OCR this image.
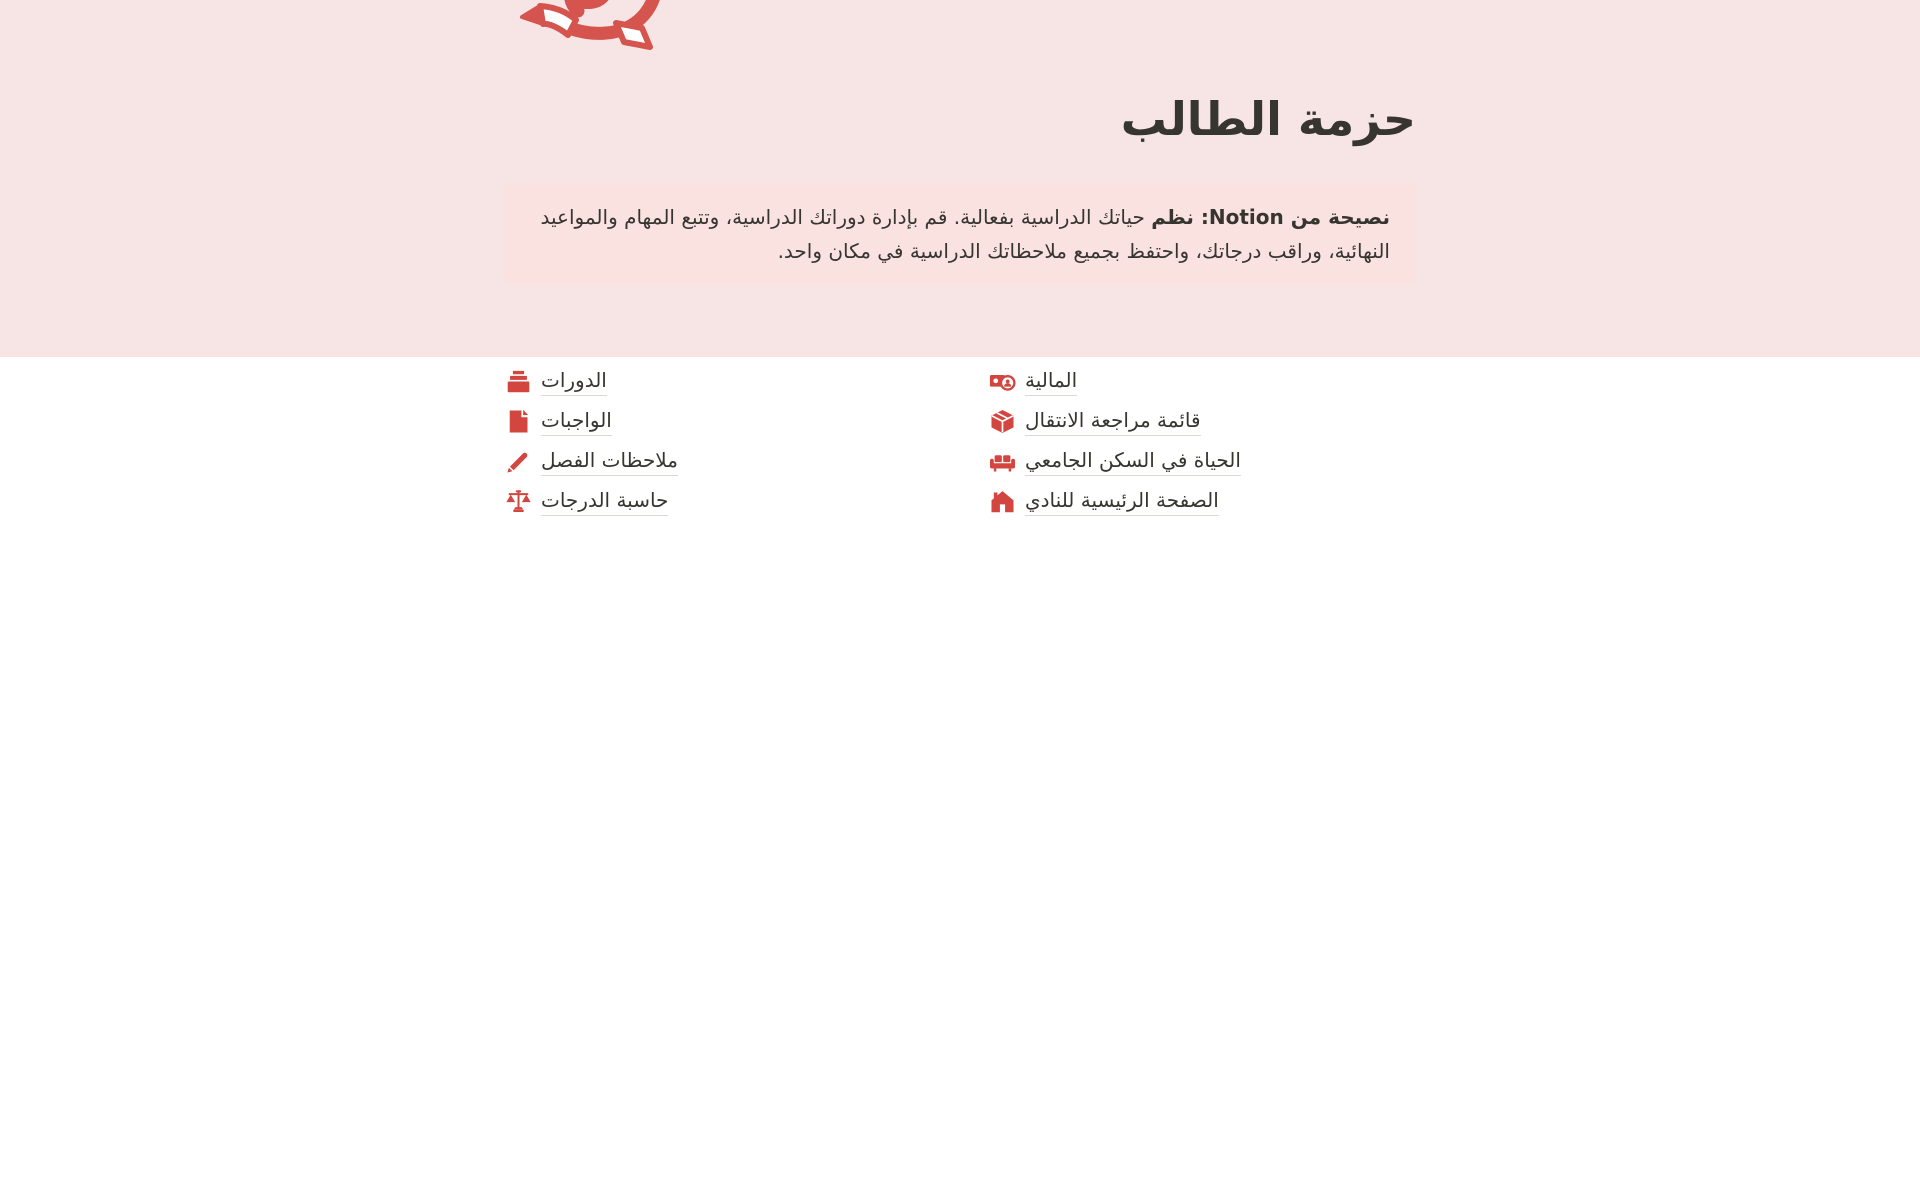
حزمة الطالب
نصيحة من Notion: نظم حياتك الدراسية بفعالية. قم بإدارة دوراتك الدراسية، وتتبع المهام والمواعيد النهائية، وراقب درجاتك، واحتفظ بجميع ملاحظاتك الدراسية في مكان واحد.
الدورات
الواجبات
ملاحظات الفصل
حاسبة الدرجات
المالية
قائمة مراجعة الانتقال
الحياة في السكن الجامعي
الصفحة الرئيسية للنادي
